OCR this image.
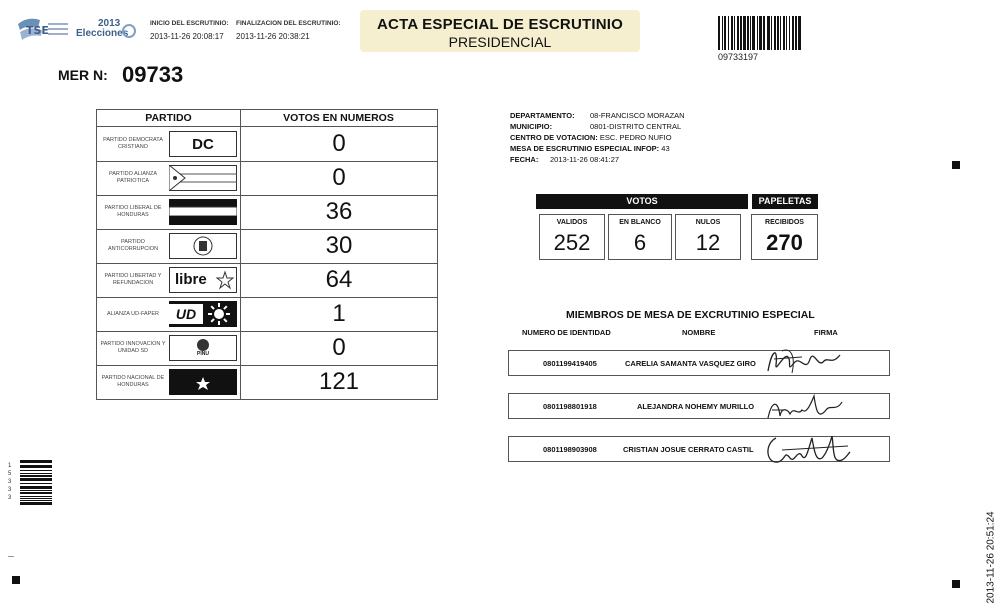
TSE
2013
Elecciones
INICIO DEL ESCRUTINIO:
2013-11-26 20:08:17
FINALIZACION DEL ESCRUTINIO:
2013-11-26 20:38:21
ACTA ESPECIAL DE ESCRUTINIO
PRESIDENCIAL
09733197
MER N: 09733
PARTIDO	VOTOS EN NUMEROS
PARTIDO DEMOCRATA CRISTIANO	DC	0
PARTIDO ALIANZA PATRIOTICA	0
PARTIDO LIBERAL DE HONDURAS	36
PARTIDO ANTICORRUPCION	30
PARTIDO LIBERTAD Y REFUNDACION	libre	64
ALIANZA UD-FAPER	UD	1
PARTIDO INNOVACION Y UNIDAD SD	PINU	0
PARTIDO NACIONAL DE HONDURAS	121
DEPARTAMENTO: 08-FRANCISCO MORAZAN
MUNICIPIO:	0801-DISTRITO CENTRAL
CENTRO DE VOTACION: ESC. PEDRO NUFIO
MESA DE ESCRUTINIO ESPECIAL INFOP: 43
FECHA: 2013-11-26 08:41:27
VOTOS	PAPELETAS
VALIDOS
252
EN BLANCO
6
NULOS
12
RECIBIDOS
270
MIEMBROS DE MESA DE EXCRUTINIO ESPECIAL
NUMERO DE IDENTIDAD	NOMBRE	FIRMA
0801199419405	CARELIA SAMANTA VASQUEZ GIRO
0801198801918	ALEJANDRA NOHEMY MURILLO
0801198903908	CRISTIAN JOSUE CERRATO CASTIL
1
5
3
3
3
2013-11-26 20:51:24
